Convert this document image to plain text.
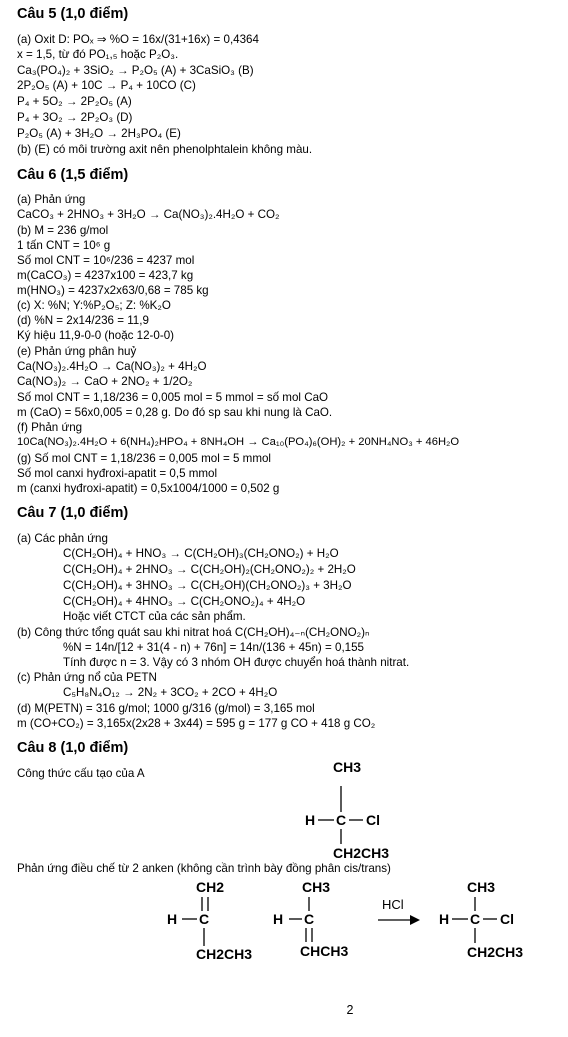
Câu 5 (1,0 điểm)
(a) Oxit D: POₓ ⇒ %O = 16x/(31+16x) = 0,4364
x = 1,5, từ đó PO₁,₅ hoặc P₂O₃.
Ca₃(PO₄)₂ + 3SiO₂ → P₂O₅ (A) + 3CaSiO₃ (B)
2P₂O₅ (A) + 10C → P₄ + 10CO (C)
P₄ + 5O₂ → 2P₂O₅ (A)
P₄ + 3O₂ → 2P₂O₃ (D)
P₂O₅ (A) + 3H₂O → 2H₃PO₄ (E)
(b) (E) có môi trường axit nên phenolphtalein không màu.
Câu 6 (1,5 điểm)
(a) Phản ứng
CaCO₃ + 2HNO₃ + 3H₂O → Ca(NO₃)₂.4H₂O + CO₂
(b) M = 236 g/mol
1 tấn CNT = 10⁶ g
Số mol CNT = 10⁶/236 = 4237 mol
m(CaCO₃) = 4237x100 = 423,7 kg
m(HNO₃) = 4237x2x63/0,68 = 785 kg
(c) X: %N; Y:%P₂O₅; Z: %K₂O
(d) %N = 2x14/236 = 11,9
Ký hiệu 11,9-0-0 (hoặc 12-0-0)
(e) Phản ứng phân huỷ
Ca(NO₃)₂.4H₂O → Ca(NO₃)₂ + 4H₂O
Ca(NO₃)₂ → CaO + 2NO₂ + 1/2O₂
Số mol CNT = 1,18/236 = 0,005 mol = 5 mmol = số mol CaO
m (CaO) = 56x0,005 = 0,28 g. Do đó sp sau khi nung là CaO.
(f) Phản ứng
10Ca(NO₃)₂.4H₂O + 6(NH₄)₂HPO₄ + 8NH₄OH → Ca₁₀(PO₄)₆(OH)₂ + 20NH₄NO₃ + 46H₂O
(g) Số mol CNT = 1,18/236 = 0,005 mol = 5 mmol
Số mol canxi hyđroxi-apatit = 0,5 mmol
m (canxi hyđroxi-apatit) = 0,5x1004/1000 = 0,502 g
Câu 7 (1,0 điểm)
(a) Các phản ứng
C(CH₂OH)₄ + HNO₃ → C(CH₂OH)₃(CH₂ONO₂) + H₂O
C(CH₂OH)₄ + 2HNO₃ → C(CH₂OH)₂(CH₂ONO₂)₂ + 2H₂O
C(CH₂OH)₄ + 3HNO₃ → C(CH₂OH)(CH₂ONO₂)₃ + 3H₂O
C(CH₂OH)₄ + 4HNO₃ → C(CH₂ONO₂)₄ + 4H₂O
Hoặc viết CTCT của các sản phẩm.
(b) Công thức tổng quát sau khi nitrat hoá C(CH₂OH)₄₋ₙ(CH₂ONO₂)ₙ
%N = 14n/[12 + 31(4 - n) + 76n] = 14n/(136 + 45n) = 0,155
Tính được n = 3. Vậy có 3 nhóm OH được chuyển hoá thành nitrat.
(c) Phản ứng nổ của PETN
C₅H₈N₄O₁₂ → 2N₂ + 3CO₂ + 2CO + 4H₂O
(d) M(PETN) = 316 g/mol; 1000 g/316 (g/mol) = 3,165 mol
m (CO+CO₂) = 3,165x(2x28 + 3x44) = 595 g = 177 g CO + 418 g CO₂
Câu 8 (1,0 điểm)
Công thức cấu tạo của A
Phản ứng điều chế từ 2 anken (không cần trình bày đồng phân cis/trans)
CH3
H C Cl
CH2CH3
CH2
H C
CH2CH3
CH3
H C
CHCH3
HCl
CH3
H C Cl
CH2CH3
2
